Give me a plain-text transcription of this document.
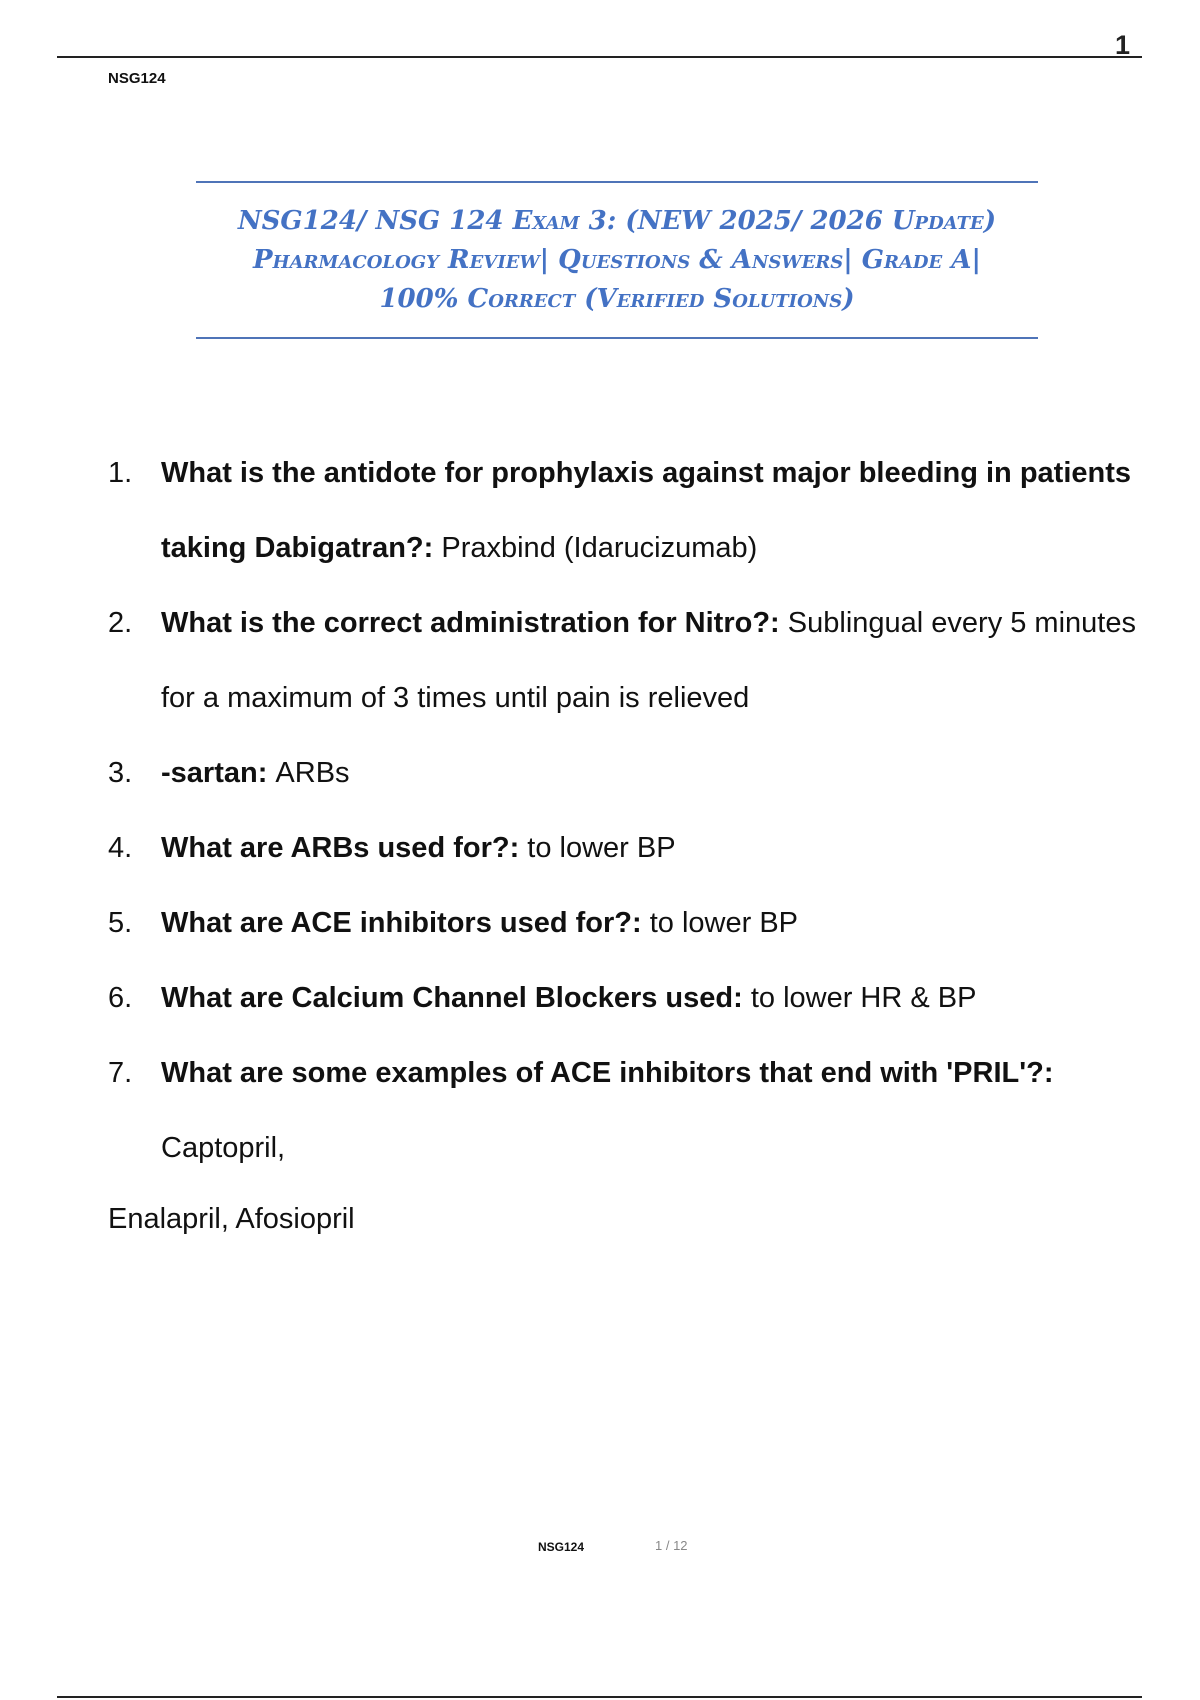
1
NSG124
NSG124/ NSG 124 Exam 3: (NEW 2025/ 2026 Update)
Pharmacology Review| Questions & Answers| Grade A|
100% Correct (Verified Solutions)
1. What is the antidote for prophylaxis against major bleeding in patients taking Dabigatran?: Praxbind (Idarucizumab)
2. What is the correct administration for Nitro?: Sublingual every 5 minutes for a maximum of 3 times until pain is relieved
3. -sartan: ARBs
4. What are ARBs used for?: to lower BP
5. What are ACE inhibitors used for?: to lower BP
6. What are Calcium Channel Blockers used: to lower HR & BP
7. What are some examples of ACE inhibitors that end with 'PRIL'?: Captopril,
Enalapril, Afosiopril
NSG124	1 / 12
